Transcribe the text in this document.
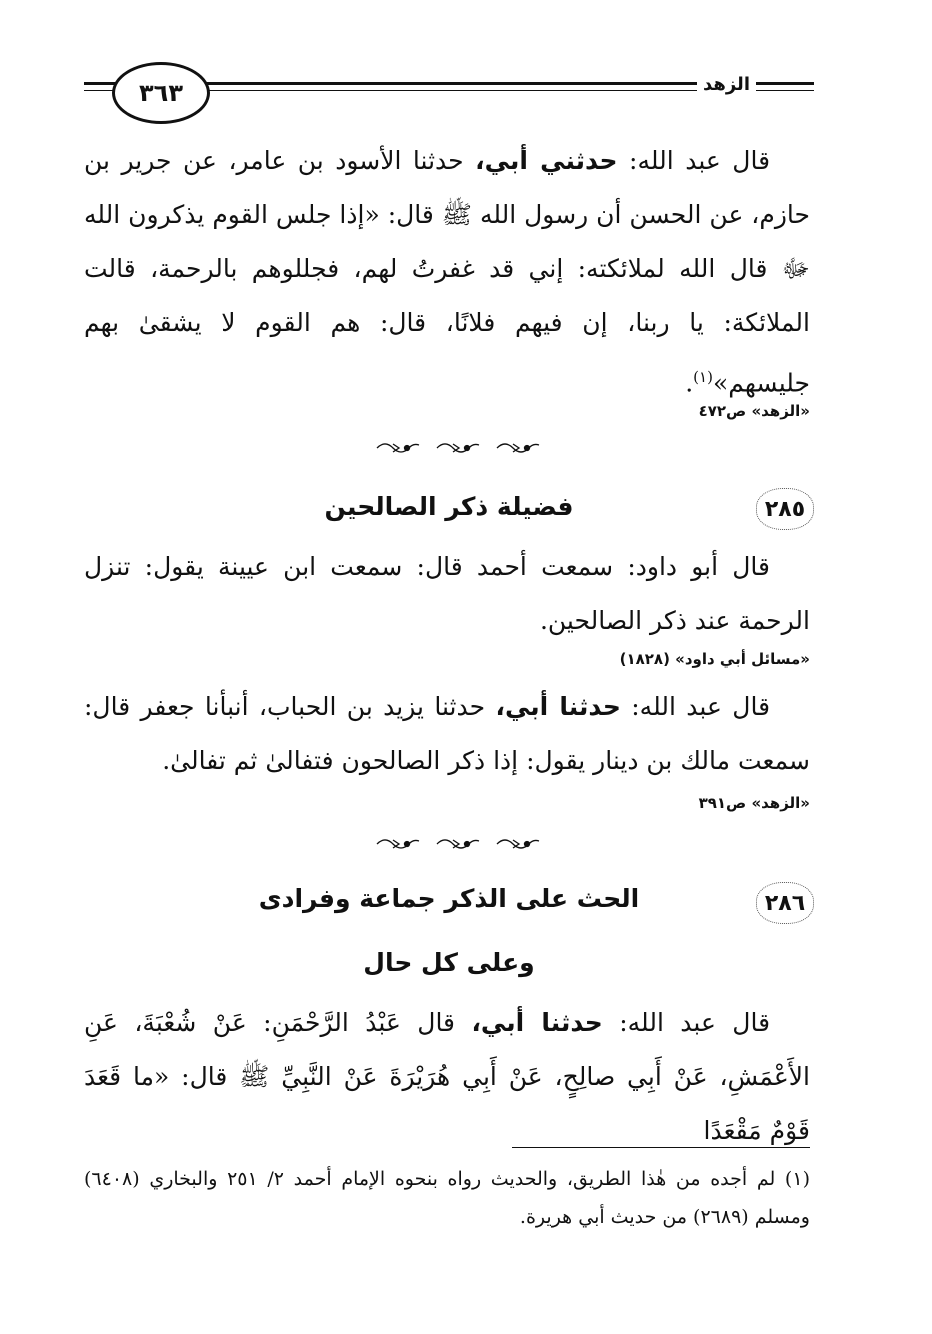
٣٦٣	الزهد

قال عبد الله: حدثني أبي، حدثنا الأسود بن عامر، عن جرير بن حازم، عن الحسن أن رسول الله ﷺ قال: «إذا جلس القوم يذكرون الله ﷻ قال الله لملائكته: إني قد غفرتُ لهم، فجللوهم بالرحمة، قالت الملائكة: يا ربنا، إن فيهم فلانًا، قال: هم القوم لا يشقىٰ بهم جليسهم»$^{(١)}$.

«الزهد» ص٤٧٢
٢٨٥
فضيلة ذكر الصالحين

قال أبو داود: سمعت أحمد قال: سمعت ابن عيينة يقول: تنزل الرحمة عند ذكر الصالحين.

«مسائل أبي داود» (١٨٢٨)

قال عبد الله: حدثنا أبي، حدثنا يزيد بن الحباب، أنبأنا جعفر قال: سمعت مالك بن دينار يقول: إذا ذكر الصالحون فتفالىٰ ثم تفالىٰ.

«الزهد» ص٣٩١
٢٨٦
الحث على الذكر جماعة وفرادى
وعلى كل حال

قال عبد الله: حدثنا أبي، قال عَبْدُ الرَّحْمَنِ: عَنْ شُعْبَةَ، عَنِ الأَعْمَشِ، عَنْ أَبِي صالِحٍ، عَنْ أَبِي هُرَيْرَةَ عَنْ النَّبِيِّ ﷺ قال: «ما قَعَدَ قَوْمٌ مَقْعَدًا

(١) لم أجده من هٰذا الطريق، والحديث رواه بنحوه الإمام أحمد ٢/ ٢٥١ والبخاري (٦٤٠٨) ومسلم (٢٦٨٩) من حديث أبي هريرة.
